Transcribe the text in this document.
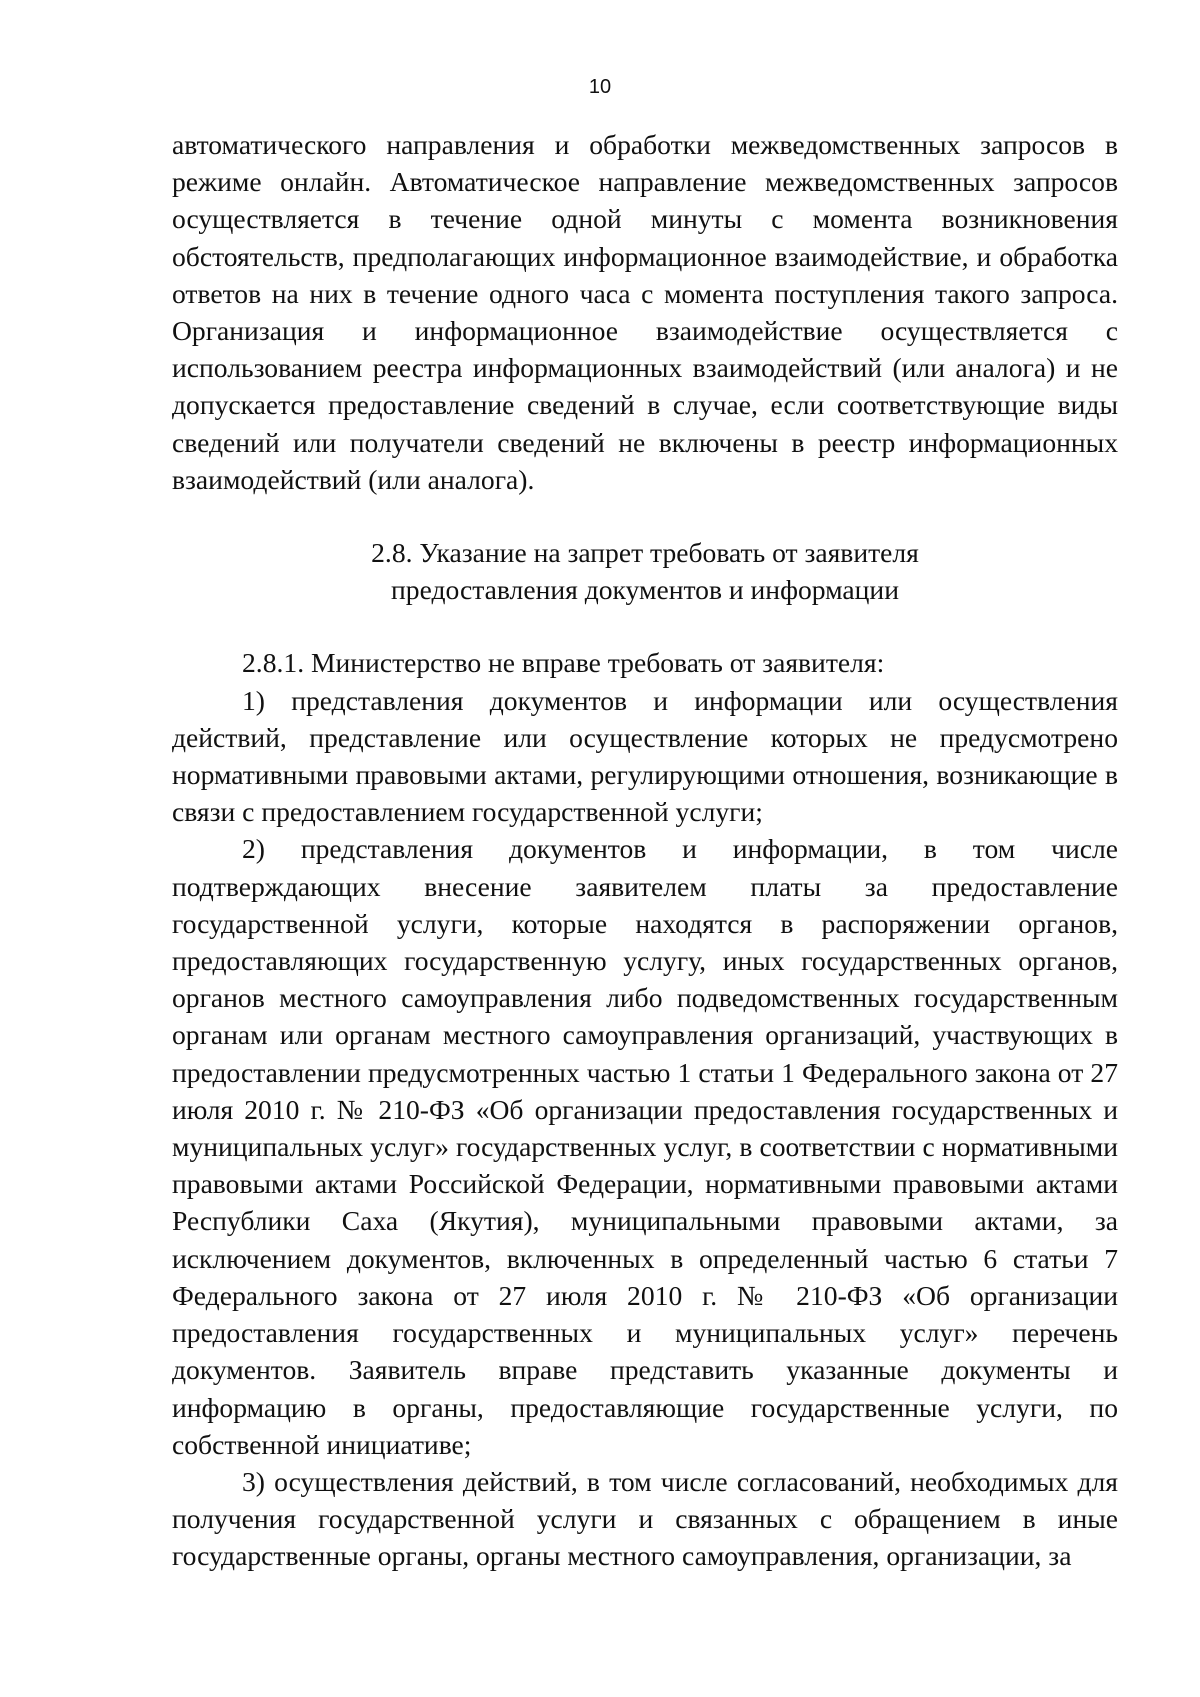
10

автоматического направления и обработки межведомственных запросов в режиме онлайн. Автоматическое направление межведомственных запросов осуществляется в течение одной минуты с момента возникновения обстоятельств, предполагающих информационное взаимодействие, и обработка ответов на них в течение одного часа с момента поступления такого запроса. Организация и информационное взаимодействие осуществляется с использованием реестра информационных взаимодействий (или аналога) и не допускается предоставление сведений в случае, если соответствующие виды сведений или получатели сведений не включены в реестр информационных взаимодействий (или аналога).

2.8. Указание на запрет требовать от заявителя

предоставления документов и информации

2.8.1. Министерство не вправе требовать от заявителя:

1) представления документов и информации или осуществления действий, представление или осуществление которых не предусмотрено нормативными правовыми актами, регулирующими отношения, возникающие в связи с предоставлением государственной услуги;

2) представления документов и информации, в том числе подтверждающих внесение заявителем платы за предоставление государственной услуги, которые находятся в распоряжении органов, предоставляющих государственную услугу, иных государственных органов, органов местного самоуправления либо подведомственных государственным органам или органам местного самоуправления организаций, участвующих в предоставлении предусмотренных частью 1 статьи 1 Федерального закона от 27 июля 2010 г. № 210-ФЗ «Об организации предоставления государственных и муниципальных услуг» государственных услуг, в соответствии с нормативными правовыми актами Российской Федерации, нормативными правовыми актами Республики Саха (Якутия), муниципальными правовыми актами, за исключением документов, включенных в определенный частью 6 статьи 7 Федерального закона от 27 июля 2010 г. № 210-ФЗ «Об организации предоставления государственных и муниципальных услуг» перечень документов. Заявитель вправе представить указанные документы и информацию в органы, предоставляющие государственные услуги, по собственной инициативе;

3) осуществления действий, в том числе согласований, необходимых для получения государственной услуги и связанных с обращением в иные государственные органы, органы местного самоуправления, организации, за
